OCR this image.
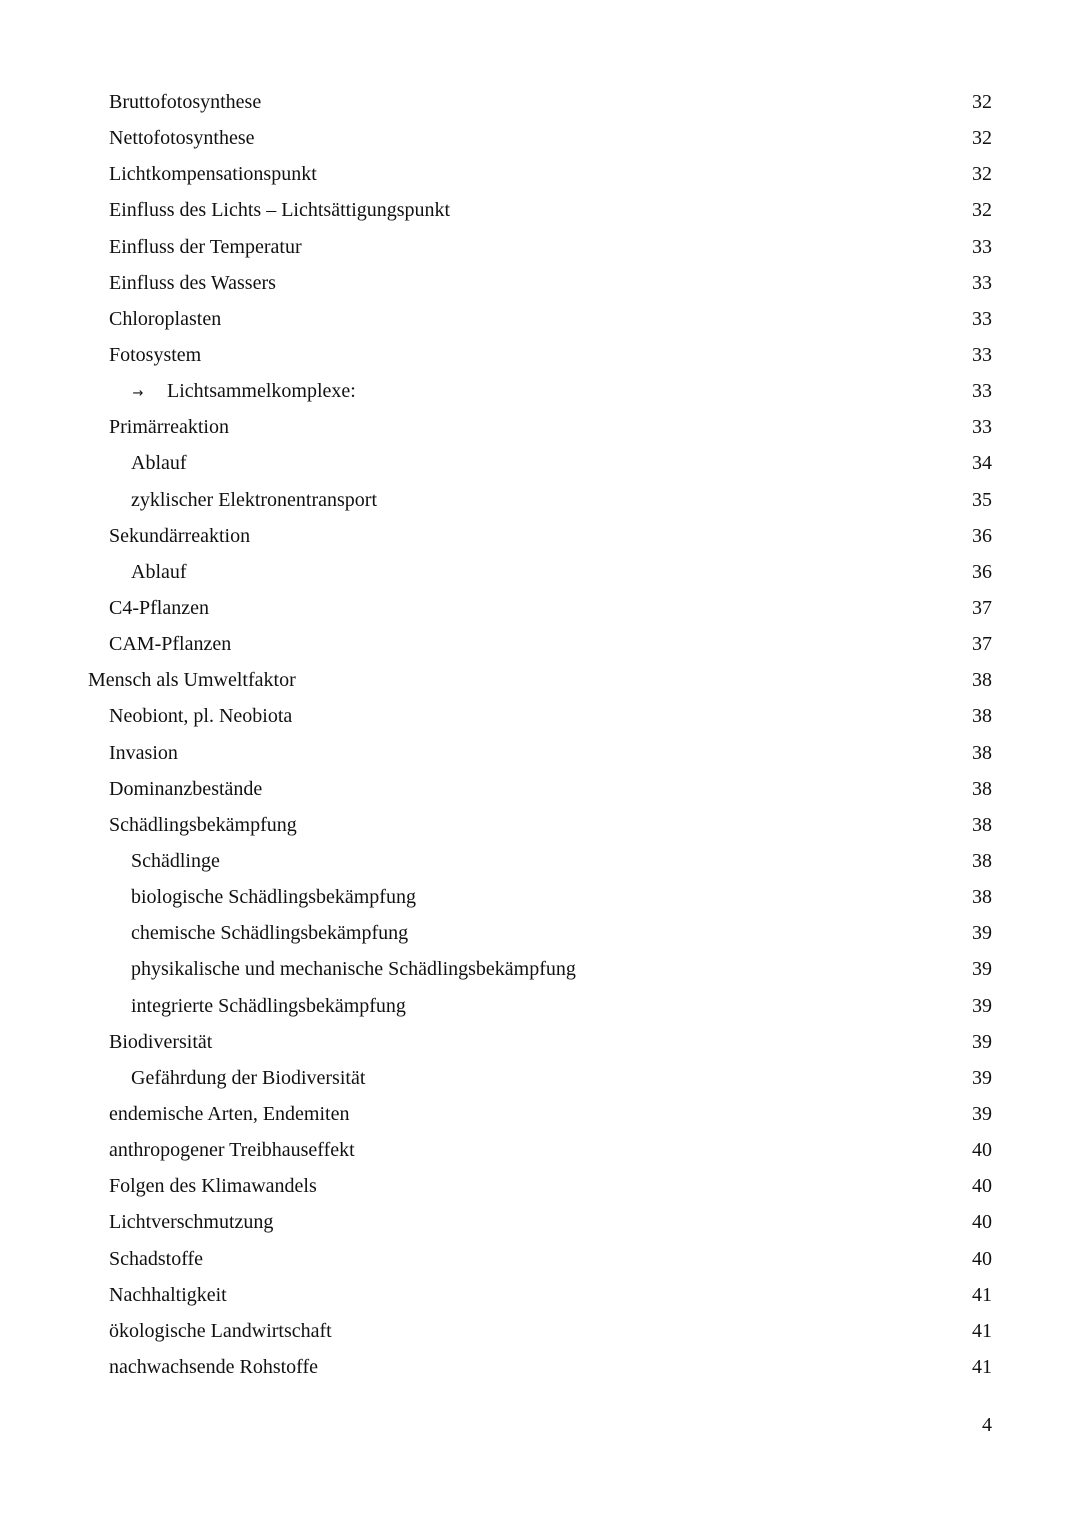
Bruttofotosynthese	32
Nettofotosynthese	32
Lichtkompensationspunkt	32
Einfluss des Lichts – Lichtsättigungspunkt	32
Einfluss der Temperatur	33
Einfluss des Wassers	33
Chloroplasten	33
Fotosystem	33
→	Lichtsammelkomplexe:	33
Primärreaktion	33
Ablauf	34
zyklischer Elektronentransport	35
Sekundärreaktion	36
Ablauf	36
C4-Pflanzen	37
CAM-Pflanzen	37
Mensch als Umweltfaktor	38
Neobiont, pl. Neobiota	38
Invasion	38
Dominanzbestände	38
Schädlingsbekämpfung	38
Schädlinge	38
biologische Schädlingsbekämpfung	38
chemische Schädlingsbekämpfung	39
physikalische und mechanische Schädlingsbekämpfung	39
integrierte Schädlingsbekämpfung	39
Biodiversität	39
Gefährdung der Biodiversität	39
endemische Arten, Endemiten	39
anthropogener Treibhauseffekt	40
Folgen des Klimawandels	40
Lichtverschmutzung	40
Schadstoffe	40
Nachhaltigkeit	41
ökologische Landwirtschaft	41
nachwachsende Rohstoffe	41
4
